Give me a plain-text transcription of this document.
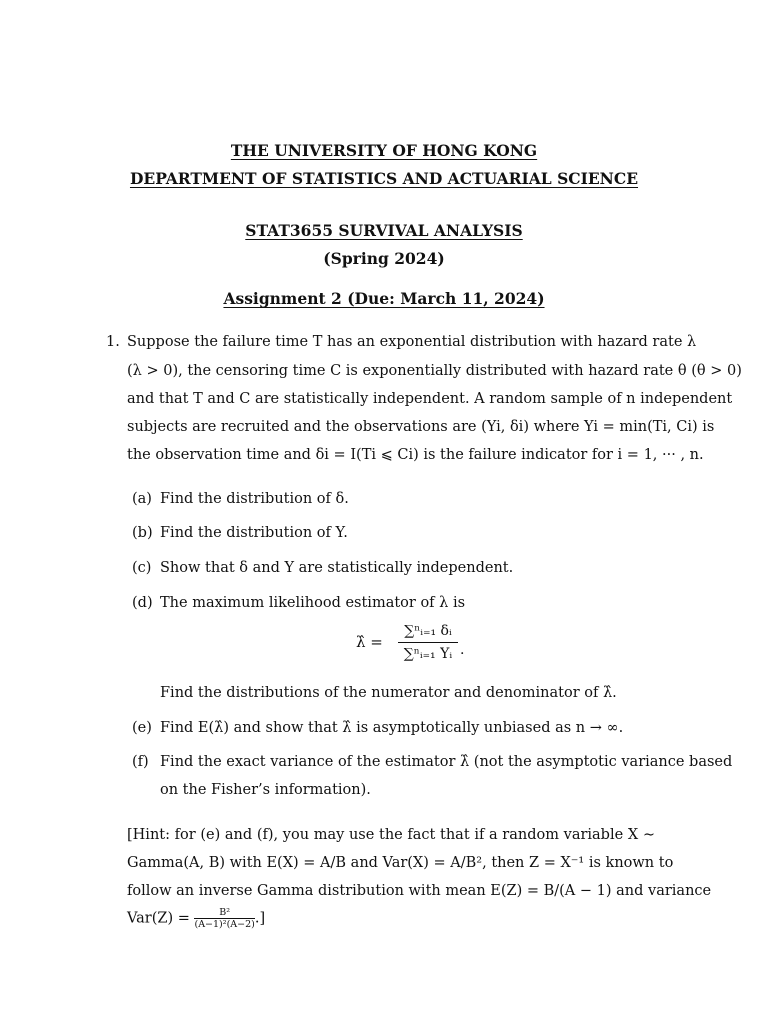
THE UNIVERSITY OF HONG KONG
DEPARTMENT OF STATISTICS AND ACTUARIAL SCIENCE
STAT3655 SURVIVAL ANALYSIS
(Spring 2024)
Assignment 2 (Due: March 11, 2024)
1. Suppose the failure time T has an exponential distribution with hazard rate λ
(λ > 0), the censoring time C is exponentially distributed with hazard rate θ (θ > 0)
and that T and C are statistically independent. A random sample of n independent
subjects are recruited and the observations are (Yi, δi) where Yi = min(Ti, Ci) is
the observation time and δi = I(Ti ⩽ Ci) is the failure indicator for i = 1, ··· , n.
(a) Find the distribution of δ.
(b) Find the distribution of Y.
(c) Show that δ and Y are statistically independent.
(d) The maximum likelihood estimator of λ is
λ̂ =
∑ⁿᵢ₌₁ δᵢ
∑ⁿᵢ₌₁ Yᵢ .
Find the distributions of the numerator and denominator of λ̂.
(e) Find E(λ̂) and show that λ̂ is asymptotically unbiased as n → ∞.
(f) Find the exact variance of the estimator λ̂ (not the asymptotic variance based
on the Fisher’s information).
[Hint: for (e) and (f), you may use the fact that if a random variable X ∼
Gamma(A, B) with E(X) = A/B and Var(X) = A/B², then Z = X⁻¹ is known to
follow an inverse Gamma distribution with mean E(Z) = B/(A − 1) and variance
$Var(Z) = \frac{\text{B²}}{\text{(A−1)²(A−2)}}$ .]
